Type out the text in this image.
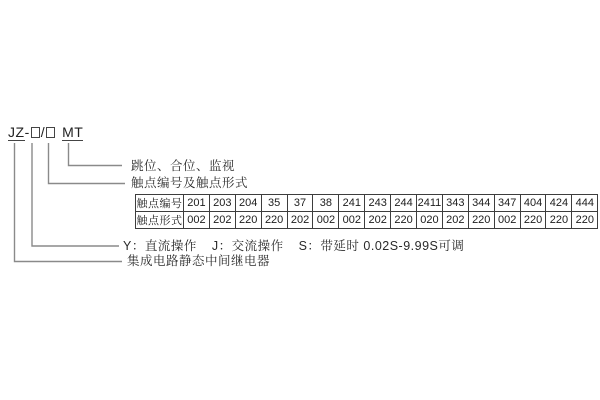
JZ - / MT
跳位、合位、监视
触点编号及触点形式
触点编号	201	203	204	35	37	38	241	243	244	2411	343	344	347	404	424	444
触点形式	002	202	220	220	202	002	002	202	220	020	202	220	002	220	220	220
Y：直流操作 J：交流操作 S：带延时 0.02S-9.99S可调
集成电路静态中间继电器
